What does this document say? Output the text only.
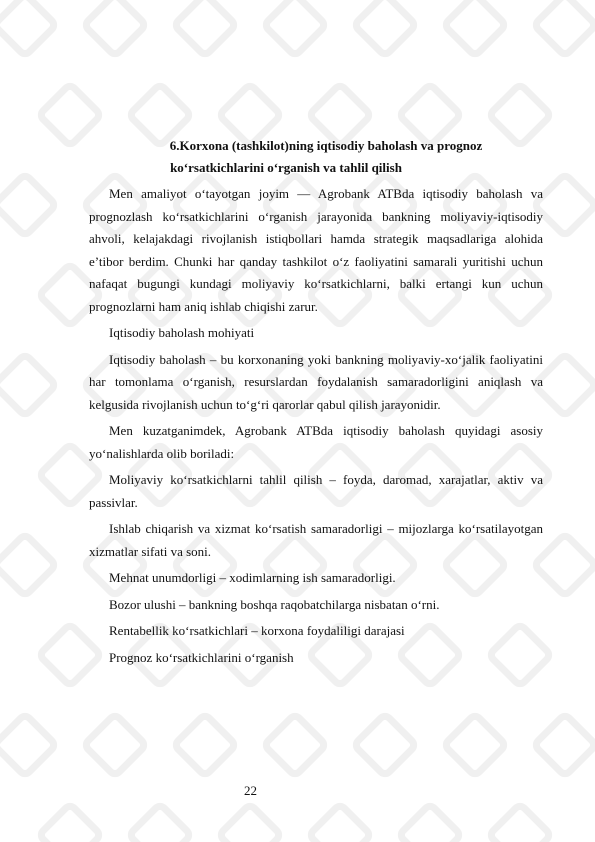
6.Korxona (tashkilot)ning iqtisodiy baholash va prognoz
ko‘rsatkichlarini o‘rganish va tahlil qilish

Men amaliyot o‘tayotgan joyim — Agrobank ATBda iqtisodiy baholash va prognozlash ko‘rsatkichlarini o‘rganish jarayonida bankning moliyaviy-iqtisodiy ahvoli, kelajakdagi rivojlanish istiqbollari hamda strategik maqsadlariga alohida e’tibor berdim. Chunki har qanday tashkilot o‘z faoliyatini samarali yuritishi uchun nafaqat bugungi kundagi moliyaviy ko‘rsatkichlarni, balki ertangi kun uchun prognozlarni ham aniq ishlab chiqishi zarur.

Iqtisodiy baholash mohiyati

Iqtisodiy baholash – bu korxonaning yoki bankning moliyaviy-xo‘jalik faoliyatini har tomonlama o‘rganish, resurslardan foydalanish samaradorligini aniqlash va kelgusida rivojlanish uchun to‘g‘ri qarorlar qabul qilish jarayonidir.

Men kuzatganimdek, Agrobank ATBda iqtisodiy baholash quyidagi asosiy yo‘nalishlarda olib boriladi:

Moliyaviy ko‘rsatkichlarni tahlil qilish – foyda, daromad, xarajatlar, aktiv va passivlar.

Ishlab chiqarish va xizmat ko‘rsatish samaradorligi – mijozlarga ko‘rsatilayotgan xizmatlar sifati va soni.

Mehnat unumdorligi – xodimlarning ish samaradorligi.

Bozor ulushi – bankning boshqa raqobatchilarga nisbatan o‘rni.

Rentabellik ko‘rsatkichlari – korxona foydaliligi darajasi

Prognoz ko‘rsatkichlarini o‘rganish

22
